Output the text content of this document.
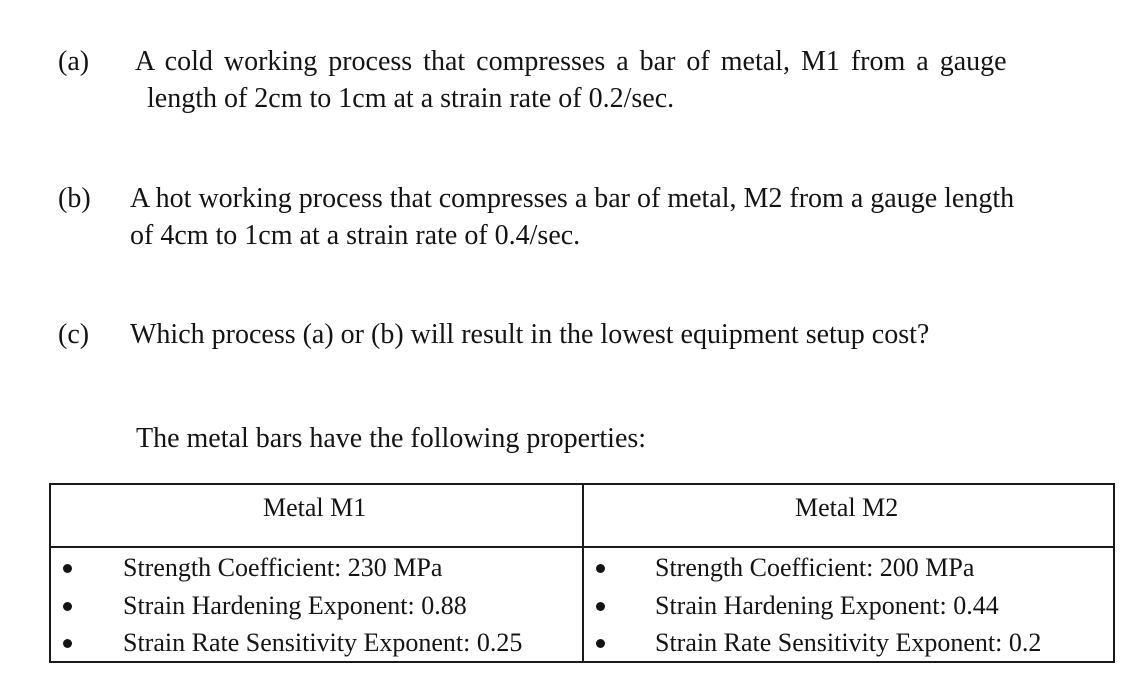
(a) A cold working process that compresses a bar of metal, M1 from a gauge
length of 2cm to 1cm at a strain rate of 0.2/sec.
(b) A hot working process that compresses a bar of metal, M2 from a gauge length
of 4cm to 1cm at a strain rate of 0.4/sec.
(c) Which process (a) or (b) will result in the lowest equipment setup cost?
The metal bars have the following properties:
Metal M1	Metal M2
Strength Coefficient: 230 MPa
Strain Hardening Exponent: 0.88
Strain Rate Sensitivity Exponent: 0.25
Strength Coefficient: 200 MPa
Strain Hardening Exponent: 0.44
Strain Rate Sensitivity Exponent: 0.2
